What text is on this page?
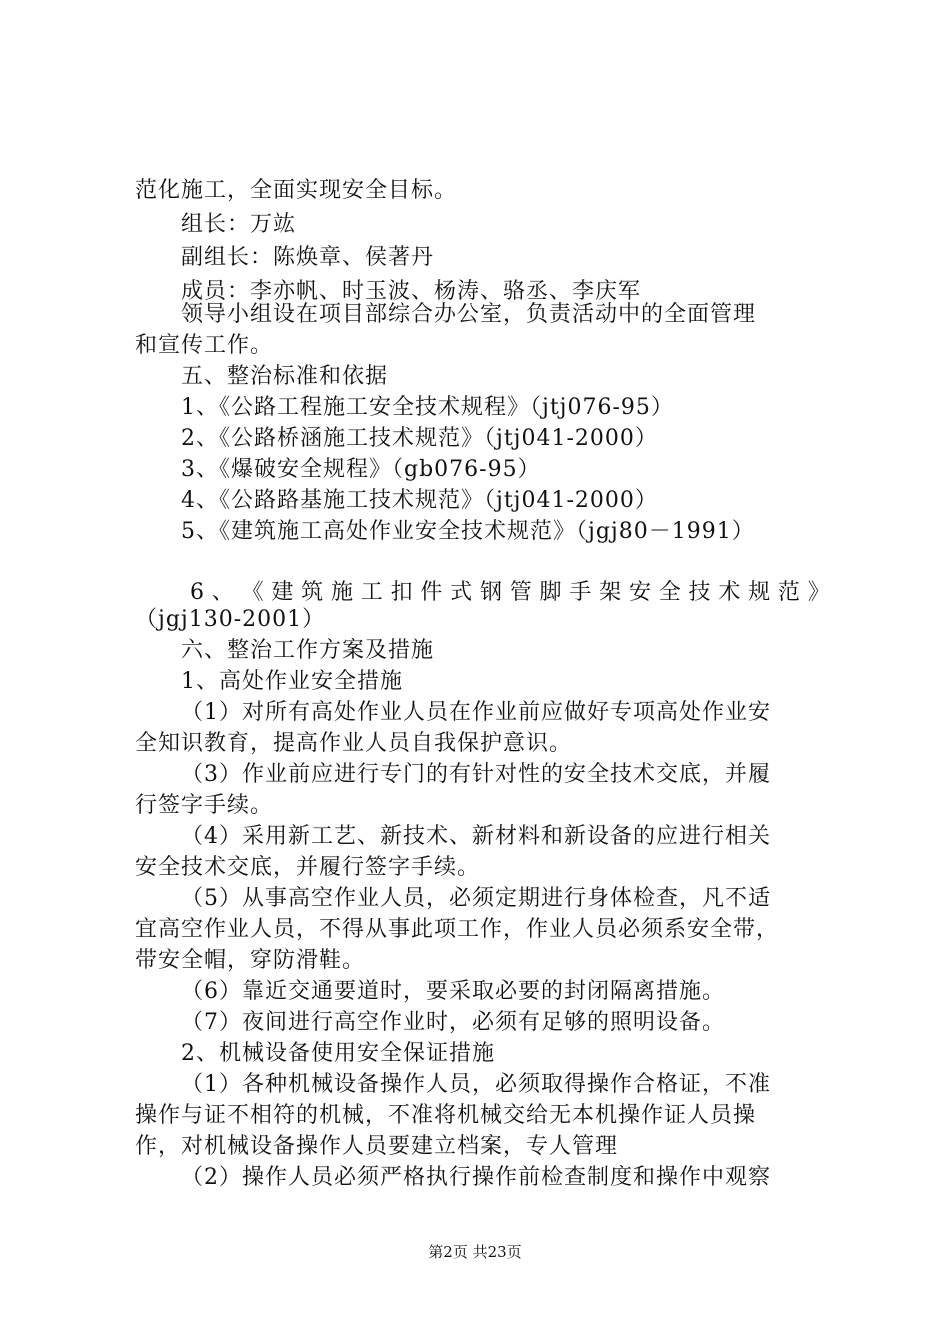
范化施工，全面实现安全目标。
组长：万竑
副组长：陈焕章、侯著丹
成员：李亦帆、时玉波、杨涛、骆丞、李庆军
领导小组设在项目部综合办公室，负责活动中的全面管理
和宣传工作。
五、整治标准和依据
1、《公路工程施工安全技术规程》（jtj076-95）
2、《公路桥涵施工技术规范》（jtj041-2000）
3、《爆破安全规程》（gb076-95）
4、《公路路基施工技术规范》（jtj041-2000）
5、《建筑施工高处作业安全技术规范》（jgj80－1991）
6 、 《 建 筑 施 工 扣 件 式 钢 管 脚 手 架 安 全 技 术 规 范 》
（jgj130-2001）
六、整治工作方案及措施
1、高处作业安全措施
（1）对所有高处作业人员在作业前应做好专项高处作业安
全知识教育，提高作业人员自我保护意识。
（3）作业前应进行专门的有针对性的安全技术交底，并履
行签字手续。
（4）采用新工艺、新技术、新材料和新设备的应进行相关
安全技术交底，并履行签字手续。
（5）从事高空作业人员，必须定期进行身体检查，凡不适
宜高空作业人员，不得从事此项工作，作业人员必须系安全带，
带安全帽，穿防滑鞋。
（6）靠近交通要道时，要采取必要的封闭隔离措施。
（7）夜间进行高空作业时，必须有足够的照明设备。
2、机械设备使用安全保证措施
（1）各种机械设备操作人员，必须取得操作合格证，不准
操作与证不相符的机械，不准将机械交给无本机操作证人员操
作，对机械设备操作人员要建立档案，专人管理
（2）操作人员必须严格执行操作前检查制度和操作中观察
第2页 共23页
